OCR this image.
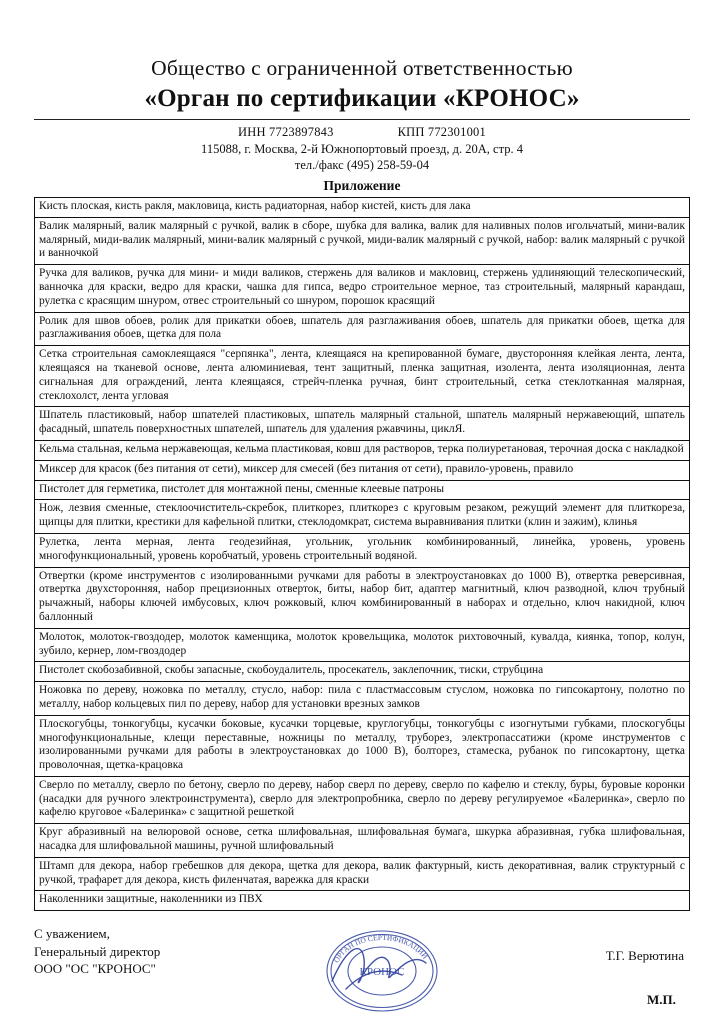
Общество с ограниченной ответственностью
«Орган по сертификации «КРОНОС»
ИНН 7723897843	КПП 772301001
115088, г. Москва, 2-й Южнопортовый проезд, д. 20А, стр. 4
тел./факс (495) 258-59-04
Приложение
Кисть плоская, кисть ракля, макловица, кисть радиаторная, набор кистей, кисть для лака
Валик малярный, валик малярный с ручкой, валик в сборе, шубка для валика, валик для наливных полов игольчатый, мини-валик малярный, миди-валик малярный, мини-валик малярный с ручкой, миди-валик малярный с ручкой, набор: валик малярный с ручкой и ванночкой
Ручка для валиков, ручка для мини- и миди валиков, стержень для валиков и макловиц, стержень удлиняющий телескопический, ванночка для краски, ведро для краски, чашка для гипса, ведро строительное мерное, таз строительный, малярный карандаш, рулетка с красящим шнуром, отвес строительный со шнуром, порошок красящий
Ролик для швов обоев, ролик для прикатки обоев, шпатель для разглаживания обоев, шпатель для прикатки обоев, щетка для разглаживания обоев, щетка для пола
Сетка строительная самоклеящаяся "серпянка", лента, клеящаяся на крепированной бумаге, двусторонняя клейкая лента, лента, клеящаяся на тканевой основе, лента алюминиевая, тент защитный, пленка защитная, изолента, лента изоляционная, лента сигнальная для ограждений, лента клеящаяся, стрейч-пленка ручная, бинт строительный, сетка стеклотканная малярная, стеклохолст, лента угловая
Шпатель пластиковый, набор шпателей пластиковых, шпатель малярный стальной, шпатель малярный нержавеющий, шпатель фасадный, шпатель поверхностных шпателей, шпатель для удаления ржавчины, циклЯ.
Кельма стальная, кельма нержавеющая, кельма пластиковая, ковш для растворов, терка полиуретановая, терочная доска с накладкой
Миксер для красок (без питания от сети), миксер для смесей (без питания от сети), правило-уровень, правило
Пистолет для герметика, пистолет для монтажной пены, сменные клеевые патроны
Нож, лезвия сменные, стеклоочиститель-скребок, плиткорез, плиткорез с круговым резаком, режущий элемент для плиткореза, щипцы для плитки, крестики для кафельной плитки, стеклодомкрат, система выравнивания плитки (клин и зажим), клинья
Рулетка, лента мерная, лента геодезийная, угольник, угольник комбинированный, линейка, уровень, уровень многофункциональный, уровень коробчатый, уровень строительный водяной.
Отвертки (кроме инструментов с изолированными ручками для работы в электроустановках до 1000 В), отвертка реверсивная, отвертка двухсторонняя, набор прецизионных отверток, биты, набор бит, адаптер магнитный, ключ разводной, ключ трубный рычажный, наборы ключей имбусовых, ключ рожковый, ключ комбинированный в наборах и отдельно, ключ накидной, ключ баллонный
Молоток, молоток-гвоздодер, молоток каменщика, молоток кровельщика, молоток рихтовочный, кувалда, киянка, топор, колун, зубило, кернер, лом-гвоздодер
Пистолет скобозабивной, скобы запасные, скобоудалитель, просекатель, заклепочник, тиски, струбцина
Ножовка по дереву, ножовка по металлу, стусло, набор: пила с пластмассовым стуслом, ножовка по гипсокартону, полотно по металлу, набор кольцевых пил по дереву, набор для установки врезных замков
Плоскогубцы, тонкогубцы, кусачки боковые, кусачки торцевые, круглогубцы, тонкогубцы с изогнутыми губками, плоскогубцы многофункциональные, клещи переставные, ножницы по металлу, труборез, электропассатижи (кроме инструментов с изолированными ручками для работы в электроустановках до 1000 В), болторез, стамеска, рубанок по гипсокартону, щетка проволочная, щетка-крацовка
Сверло по металлу, сверло по бетону, сверло по дереву, набор сверл по дереву, сверло по кафелю и стеклу, буры, буровые коронки (насадки для ручного электроинструмента), сверло для электропробника, сверло по дереву регулируемое «Балеринка», сверло по кафелю круговое «Балеринка» с защитной решеткой
Круг абразивный на велюровой основе, сетка шлифовальная, шлифовальная бумага, шкурка абразивная, губка шлифовальная, насадка для шлифовальной машины, ручной шлифовальный
Штамп для декора, набор гребешков для декора, щетка для декора, валик фактурный, кисть декоративная, валик структурный с ручкой, трафарет для декора, кисть филенчатая, варежка для краски
Наколенники защитные, наколенники из ПВХ
С уважением,
Генеральный директор
ООО "ОС "КРОНОС"
Т.Г. Верютина
ОРГАН ПО СЕРТИФИКАЦИИ
КРОНОС
М.П.
